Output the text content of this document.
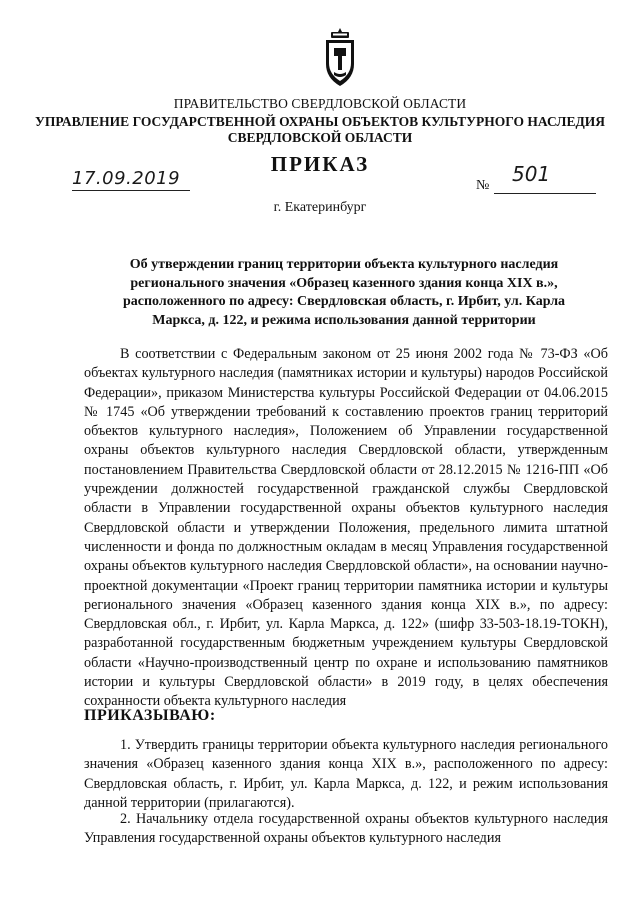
ПРАВИТЕЛЬСТВО СВЕРДЛОВСКОЙ ОБЛАСТИ
УПРАВЛЕНИЕ ГОСУДАРСТВЕННОЙ ОХРАНЫ ОБЪЕКТОВ КУЛЬТУРНОГО НАСЛЕДИЯ СВЕРДЛОВСКОЙ ОБЛАСТИ
ПРИКАЗ
17.09.2019	№ 501
г. Екатеринбург
Об утверждении границ территории объекта культурного наследия регионального значения «Образец казенного здания конца XIX в.», расположенного по адресу: Свердловская область, г. Ирбит, ул. Карла Маркса, д. 122, и режима использования данной территории
В соответствии с Федеральным законом от 25 июня 2002 года № 73-ФЗ «Об объектах культурного наследия (памятниках истории и культуры) народов Российской Федерации», приказом Министерства культуры Российской Федерации от 04.06.2015 № 1745 «Об утверждении требований к составлению проектов границ территорий объектов культурного наследия», Положением об Управлении государственной охраны объектов культурного наследия Свердловской области, утвержденным постановлением Правительства Свердловской области от 28.12.2015 № 1216-ПП «Об учреждении должностей государственной гражданской службы Свердловской области в Управлении государственной охраны объектов культурного наследия Свердловской области и утверждении Положения, предельного лимита штатной численности и фонда по должностным окладам в месяц Управления государственной охраны объектов культурного наследия Свердловской области», на основании научно-проектной документации «Проект границ территории памятника истории и культуры регионального значения «Образец казенного здания конца XIX в.», по адресу: Свердловская обл., г. Ирбит, ул. Карла Маркса, д. 122» (шифр 33-503-18.19-ТОКН), разработанной государственным бюджетным учреждением культуры Свердловской области «Научно-производственный центр по охране и использованию памятников истории и культуры Свердловской области» в 2019 году, в целях обеспечения сохранности объекта культурного наследия
ПРИКАЗЫВАЮ:
1. Утвердить границы территории объекта культурного наследия регионального значения «Образец казенного здания конца XIX в.», расположенного по адресу: Свердловская область, г. Ирбит, ул. Карла Маркса, д. 122, и режим использования данной территории (прилагаются).
2. Начальнику отдела государственной охраны объектов культурного наследия Управления государственной охраны объектов культурного наследия
